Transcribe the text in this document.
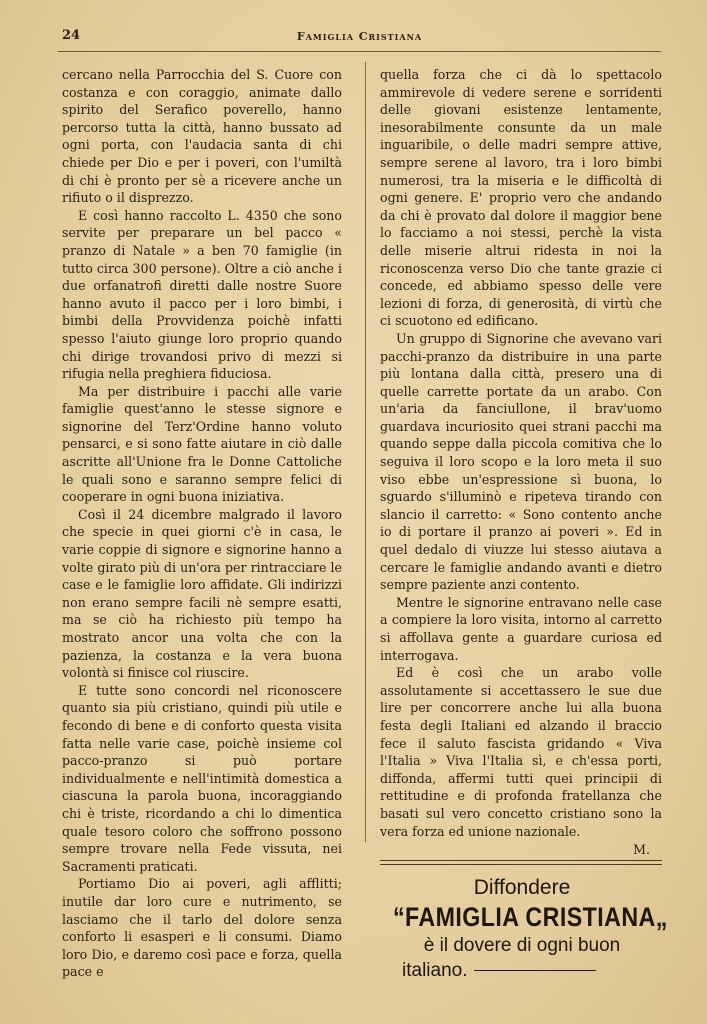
24	Famiglia Cristiana

cercano nella Parrocchia del S. Cuore con costanza e con coraggio, animate dallo spirito del Serafico poverello, hanno percorso tutta la città, hanno bussato ad ogni porta, con l'audacia santa di chi chiede per Dio e per i poveri, con l'umiltà di chi è pronto per sè a ricevere anche un rifiuto o il disprezzo.

E così hanno raccolto L. 4350 che sono servite per preparare un bel pacco « pranzo di Natale » a ben 70 famiglie (in tutto circa 300 persone). Oltre a ciò anche i due orfanatrofi diretti dalle nostre Suore hanno avuto il pacco per i loro bimbi, i bimbi della Provvidenza poichè infatti spesso l'aiuto giunge loro proprio quando chi dirige trovandosi privo di mezzi si rifugia nella preghiera fiduciosa.

Ma per distribuire i pacchi alle varie famiglie quest'anno le stesse signore e signorine del Terz'Ordine hanno voluto pensarci, e si sono fatte aiutare in ciò dalle ascritte all'Unione fra le Donne Cattoliche le quali sono e saranno sempre felici di cooperare in ogni buona iniziativa.

Così il 24 dicembre malgrado il lavoro che specie in quei giorni c'è in casa, le varie coppie di signore e signorine hanno a volte girato più di un'ora per rintracciare le case e le famiglie loro affidate. Gli indirizzi non erano sempre facili nè sempre esatti, ma se ciò ha richiesto più tempo ha mostrato ancor una volta che con la pazienza, la costanza e la vera buona volontà si finisce col riuscire.

E tutte sono concordi nel riconoscere quanto sia più cristiano, quindi più utile e fecondo di bene e di conforto questa visita fatta nelle varie case, poichè insieme col pacco-pranzo si può portare individualmente e nell'intimità domestica a ciascuna la parola buona, incoraggiando chi è triste, ricordando a chi lo dimentica quale tesoro coloro che soffrono possono sempre trovare nella Fede vissuta, nei Sacramenti praticati.

Portiamo Dio ai poveri, agli afflitti; inutile dar loro cure e nutrimento, se lasciamo che il tarlo del dolore senza conforto li esasperi e li consumi. Diamo loro Dio, e daremo così pace e forza, quella pace e

quella forza che ci dà lo spettacolo ammirevole di vedere serene e sorridenti delle giovani esistenze lentamente, inesorabilmente consunte da un male inguaribile, o delle madri sempre attive, sempre serene al lavoro, tra i loro bimbi numerosi, tra la miseria e le difficoltà di ogni genere. E' proprio vero che andando da chi è provato dal dolore il maggior bene lo facciamo a noi stessi, perchè la vista delle miserie altrui ridesta in noi la riconoscenza verso Dio che tante grazie ci concede, ed abbiamo spesso delle vere lezioni di forza, di generosità, di virtù che ci scuotono ed edificano.

Un gruppo di Signorine che avevano vari pacchi-pranzo da distribuire in una parte più lontana dalla città, presero una di quelle carrette portate da un arabo. Con un'aria da fanciullone, il brav'uomo guardava incuriosito quei strani pacchi ma quando seppe dalla piccola comitiva che lo seguiva il loro scopo e la loro meta il suo viso ebbe un'espressione sì buona, lo sguardo s'illuminò e ripeteva tirando con slancio il carretto: « Sono contento anche io di portare il pranzo ai poveri ». Ed in quel dedalo di viuzze lui stesso aiutava a cercare le famiglie andando avanti e dietro sempre paziente anzi contento.

Mentre le signorine entravano nelle case a compiere la loro visita, intorno al carretto si affollava gente a guardare curiosa ed interrogava.

Ed è così che un arabo volle assolutamente si accettassero le sue due lire per concorrere anche lui alla buona festa degli Italiani ed alzando il braccio fece il saluto fascista gridando « Viva l'Italia » Viva l'Italia sì, e ch'essa porti, diffonda, affermi tutti quei principii di rettitudine e di profonda fratellanza che basati sul vero concetto cristiano sono la vera forza ed unione nazionale.

M.
Diffondere
“FAMIGLIA CRISTIANA„
è il dovere di ogni buon
italiano.
